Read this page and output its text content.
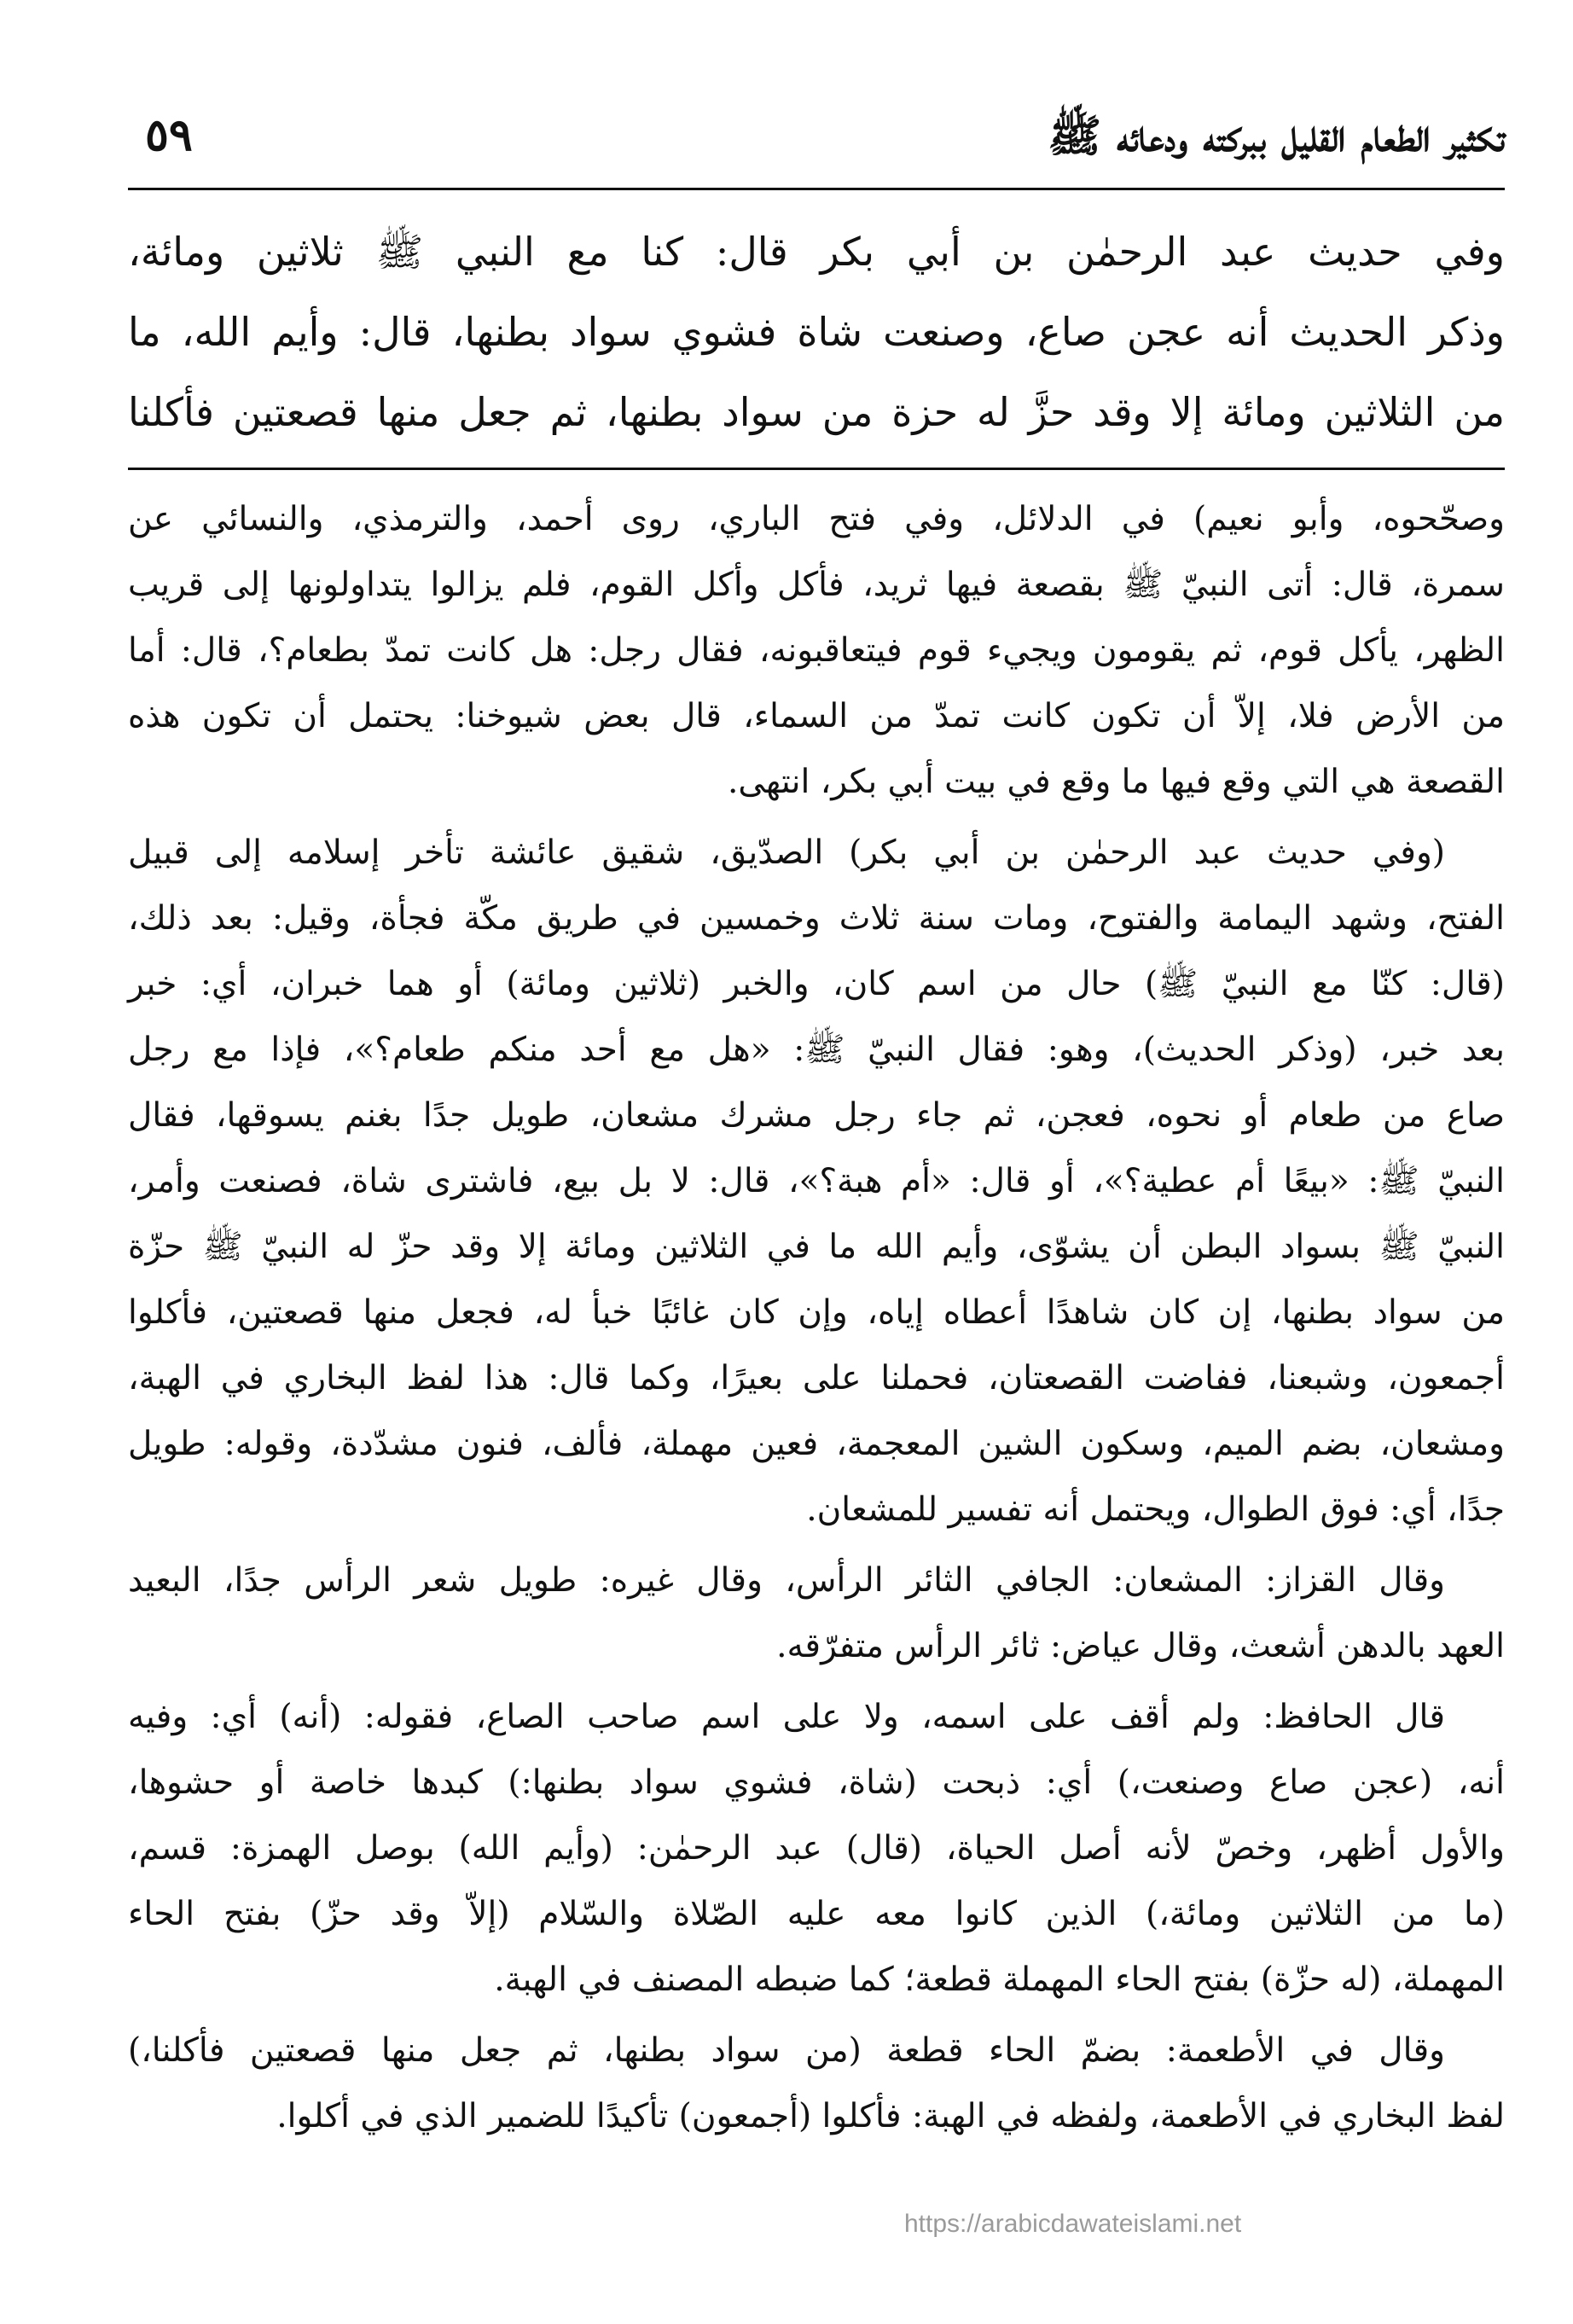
تكثير الطعام القليل ببركته ودعائه ﷺ
٥٩
وفي حديث عبد الرحمٰن بن أبي بكر قال: كنا مع النبي ﷺ ثلاثين ومائة،
وذكر الحديث أنه عجن صاع، وصنعت شاة فشوي سواد بطنها، قال: وأيم الله، ما
من الثلاثين ومائة إلا وقد حزَّ له حزة من سواد بطنها، ثم جعل منها قصعتين فأكلنا
وصحّحوه، وأبو نعيم) في الدلائل، وفي فتح الباري، روى أحمد، والترمذي، والنسائي عن
سمرة، قال: أتى النبيّ ﷺ بقصعة فيها ثريد، فأكل وأكل القوم، فلم يزالوا يتداولونها إلى قريب
الظهر، يأكل قوم، ثم يقومون ويجيء قوم فيتعاقبونه، فقال رجل: هل كانت تمدّ بطعام؟، قال: أما
من الأرض فلا، إلاّ أن تكون كانت تمدّ من السماء، قال بعض شيوخنا: يحتمل أن تكون هذه
القصعة هي التي وقع فيها ما وقع في بيت أبي بكر، انتهى.
(وفي حديث عبد الرحمٰن بن أبي بكر) الصدّيق، شقيق عائشة تأخر إسلامه إلى قبيل
الفتح، وشهد اليمامة والفتوح، ومات سنة ثلاث وخمسين في طريق مكّة فجأة، وقيل: بعد ذلك،
(قال: كنّا مع النبيّ ﷺ) حال من اسم كان، والخبر (ثلاثين ومائة) أو هما خبران، أي: خبر
بعد خبر، (وذكر الحديث)، وهو: فقال النبيّ ﷺ: «هل مع أحد منكم طعام؟»، فإذا مع رجل
صاع من طعام أو نحوه، فعجن، ثم جاء رجل مشرك مشعان، طويل جدًا بغنم يسوقها، فقال
النبيّ ﷺ: «بيعًا أم عطية؟»، أو قال: «أم هبة؟»، قال: لا بل بيع، فاشترى شاة، فصنعت وأمر،
النبيّ ﷺ بسواد البطن أن يشوّى، وأيم الله ما في الثلاثين ومائة إلا وقد حزّ له النبيّ ﷺ حزّة
من سواد بطنها، إن كان شاهدًا أعطاه إياه، وإن كان غائبًا خبأ له، فجعل منها قصعتين، فأكلوا
أجمعون، وشبعنا، ففاضت القصعتان، فحملنا على بعيرًا، وكما قال: هذا لفظ البخاري في الهبة،
ومشعان، بضم الميم، وسكون الشين المعجمة، فعين مهملة، فألف، فنون مشدّدة، وقوله: طويل
جدًا، أي: فوق الطوال، ويحتمل أنه تفسير للمشعان.
وقال القزاز: المشعان: الجافي الثائر الرأس، وقال غيره: طويل شعر الرأس جدًا، البعيد
العهد بالدهن أشعث، وقال عياض: ثائر الرأس متفرّقه.
قال الحافظ: ولم أقف على اسمه، ولا على اسم صاحب الصاع، فقوله: (أنه) أي: وفيه
أنه، (عجن صاع وصنعت،) أي: ذبحت (شاة، فشوي سواد بطنها:) كبدها خاصة أو حشوها،
والأول أظهر، وخصّ لأنه أصل الحياة، (قال) عبد الرحمٰن: (وأيم الله) بوصل الهمزة: قسم،
(ما من الثلاثين ومائة،) الذين كانوا معه عليه الصّلاة والسّلام (إلاّ وقد حزّ) بفتح الحاء
المهملة، (له حزّة) بفتح الحاء المهملة قطعة؛ كما ضبطه المصنف في الهبة.
وقال في الأطعمة: بضمّ الحاء قطعة (من سواد بطنها، ثم جعل منها قصعتين فأكلنا،)
لفظ البخاري في الأطعمة، ولفظه في الهبة: فأكلوا (أجمعون) تأكيدًا للضمير الذي في أكلوا.
https://arabicdawateislami.net
